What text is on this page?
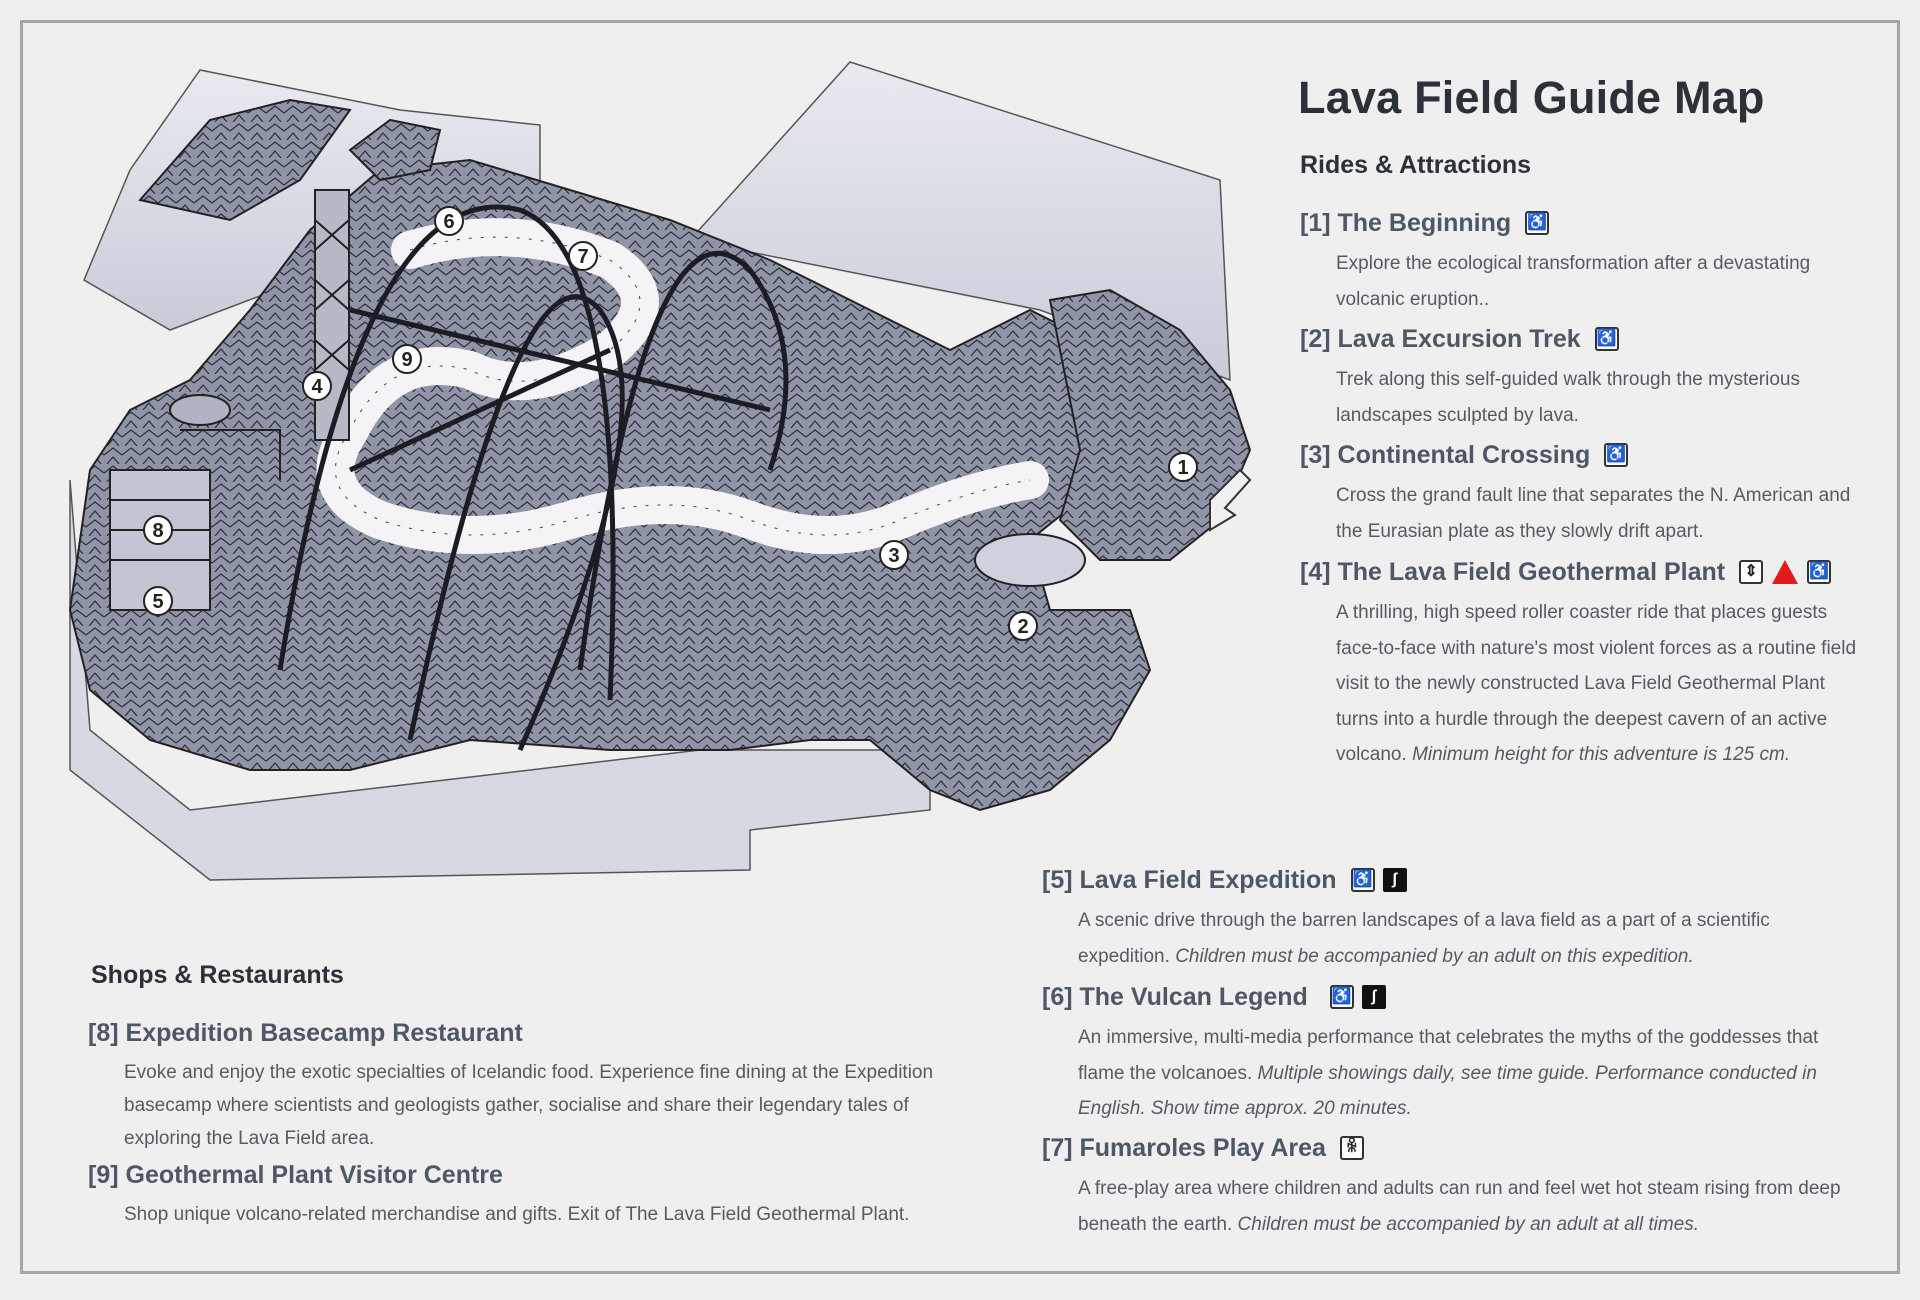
1
2
3
4
5
6
7
8
9
Lava Field Guide Map
Rides & Attractions
Shops & Restaurants
[1] The Beginning ♿
Explore the ecological transformation after a devastating volcanic eruption..
[2] Lava Excursion Trek ♿
Trek along this self-guided walk through the mysterious landscapes sculpted by lava.
[3] Continental Crossing ♿
Cross the grand fault line that separates the N. American and the Eurasian plate as they slowly drift apart.
[4] The Lava Field Geothermal Plant	⇕	♿
A thrilling, high speed roller coaster ride that places guests face-to-face with nature's most violent forces as a routine field visit to the newly constructed Lava Field Geothermal Plant turns into a hurdle through the deepest cavern of an active volcano. Minimum height for this adventure is 125 cm.
[5] Lava Field Expedition ♿	ʃ
A scenic drive through the barren landscapes of a lava field as a part of a scientific expedition. Children must be accompanied by an adult on this expedition.
[6] The Vulcan Legend ♿	ʃ
An immersive, multi-media performance that celebrates the myths of the goddesses that flame the volcanoes. Multiple showings daily, see time guide. Performance conducted in English. Show time approx. 20 minutes.
[7] Fumaroles Play Area	ꆜ
A free-play area where children and adults can run and feel wet hot steam rising from deep beneath the earth. Children must be accompanied by an adult at all times.
[8] Expedition Basecamp Restaurant
Evoke and enjoy the exotic specialties of Icelandic food. Experience fine dining at the Expedition basecamp where scientists and geologists gather, socialise and share their legendary tales of exploring the Lava Field area.
[9] Geothermal Plant Visitor Centre
Shop unique volcano-related merchandise and gifts. Exit of The Lava Field Geothermal Plant.
